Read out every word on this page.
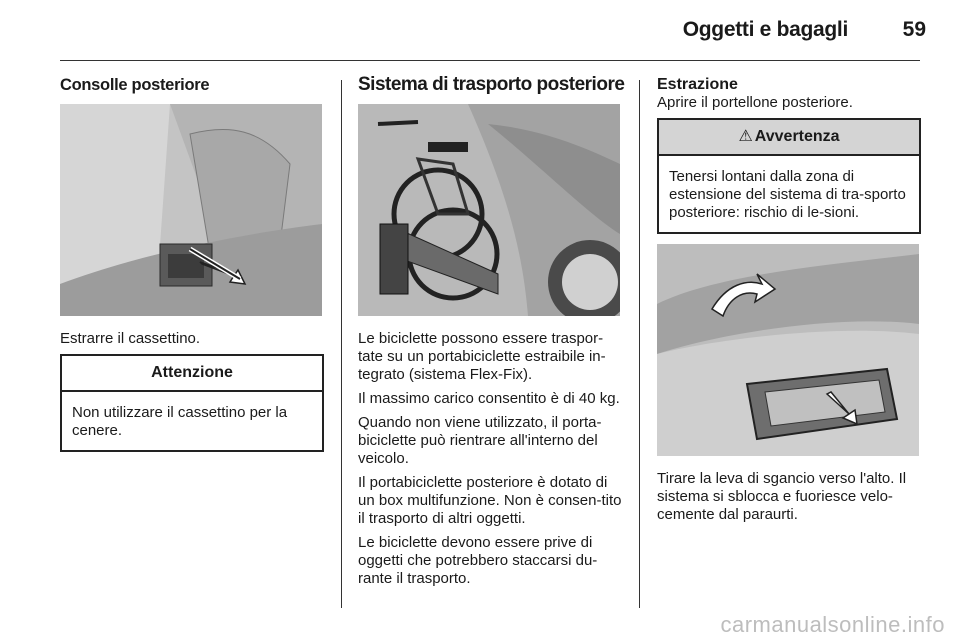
Oggetti e bagagli	59
Consolle posteriore

Estrarre il cassettino.

Attenzione
Non utilizzare il cassettino per la cenere.
Sistema di trasporto posteriore

Le biciclette possono essere traspor-tate su un portabiciclette estraibile in-tegrato (sistema Flex-Fix).

Il massimo carico consentito è di 40 kg.

Quando non viene utilizzato, il porta-biciclette può rientrare all'interno del veicolo.

Il portabiciclette posteriore è dotato di un box multifunzione. Non è consen-tito il trasporto di altri oggetti.

Le biciclette devono essere prive di oggetti che potrebbero staccarsi du-rante il trasporto.

Estrazione

Aprire il portellone posteriore.

⚠ Avvertenza
Tenersi lontani dalla zona di estensione del sistema di tra-sporto posteriore: rischio di le-sioni.

Tirare la leva di sgancio verso l'alto. Il sistema si sblocca e fuoriesce velo-cemente dal paraurti.

carmanualsonline.info
